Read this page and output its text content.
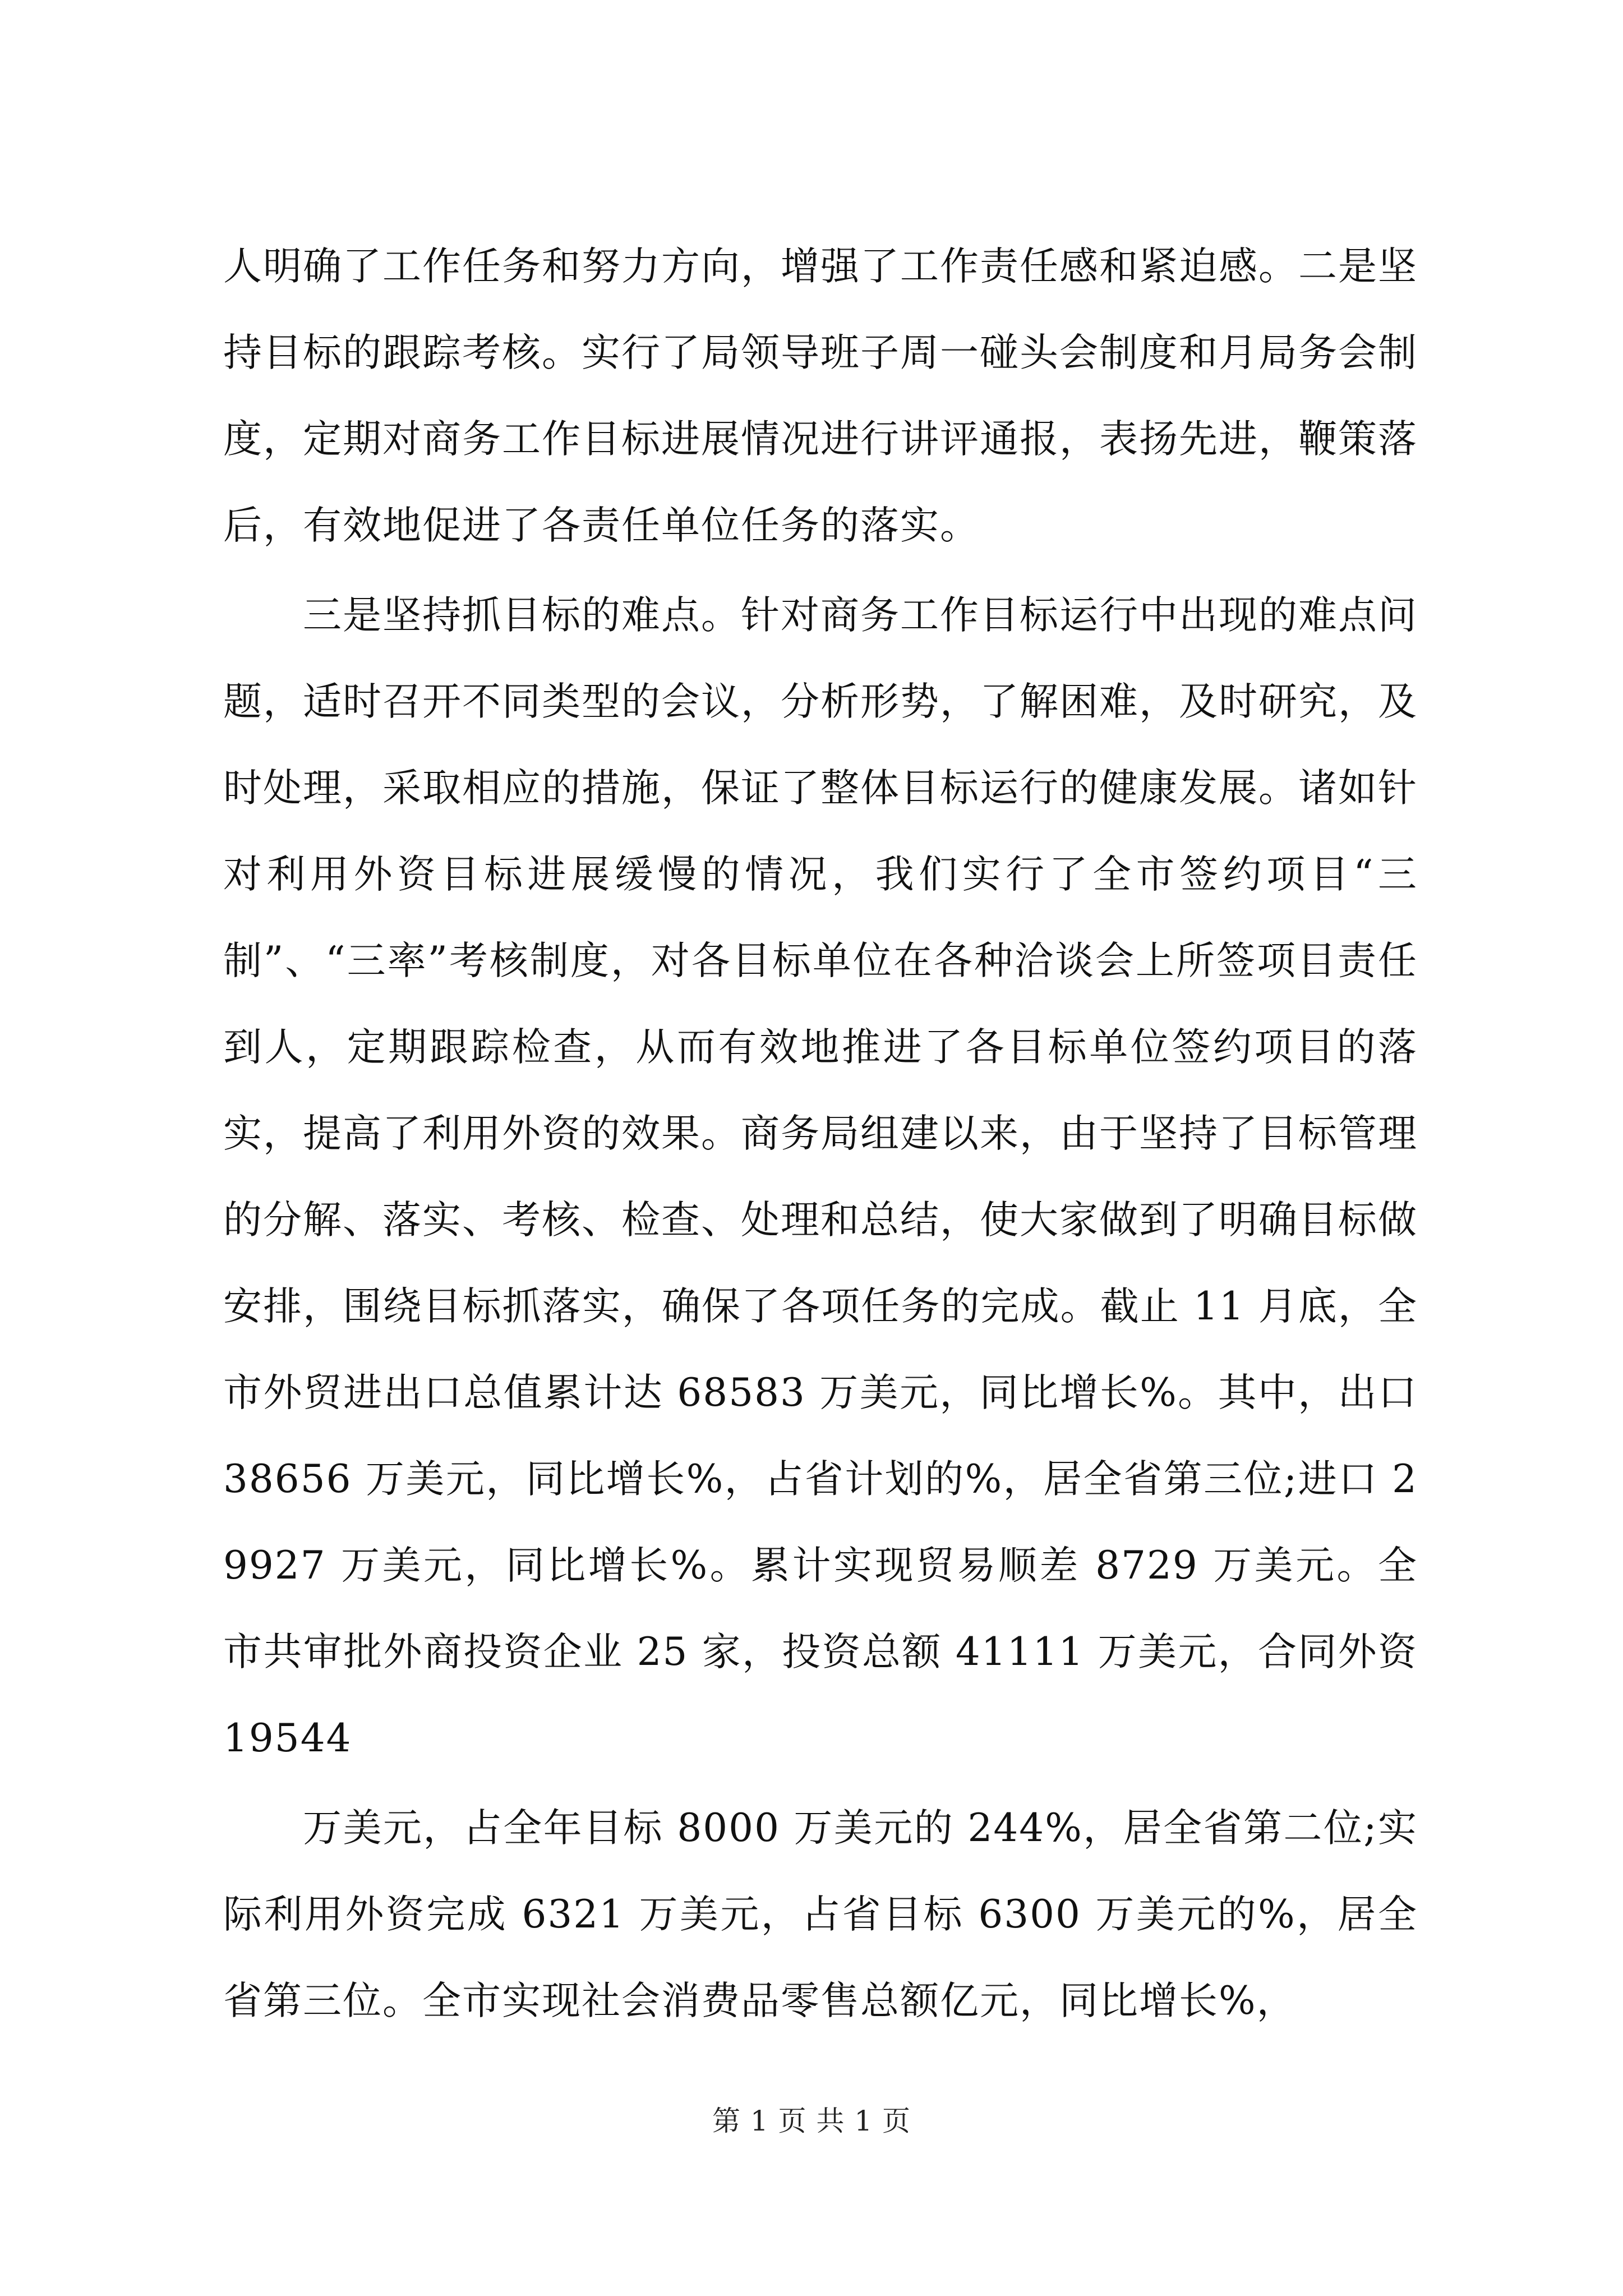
人明确了工作任务和努力方向，增强了工作责任感和紧迫感。二是坚持目标的跟踪考核。实行了局领导班子周一碰头会制度和月局务会制度，定期对商务工作目标进展情况进行讲评通报，表扬先进，鞭策落后，有效地促进了各责任单位任务的落实。

三是坚持抓目标的难点。针对商务工作目标运行中出现的难点问题，适时召开不同类型的会议，分析形势，了解困难，及时研究，及时处理，采取相应的措施，保证了整体目标运行的健康发展。诸如针对利用外资目标进展缓慢的情况，我们实行了全市签约项目“三制”、“三率”考核制度，对各目标单位在各种洽谈会上所签项目责任到人，定期跟踪检查，从而有效地推进了各目标单位签约项目的落实，提高了利用外资的效果。商务局组建以来，由于坚持了目标管理的分解、落实、考核、检查、处理和总结，使大家做到了明确目标做安排，围绕目标抓落实，确保了各项任务的完成。截止 11 月底，全市外贸进出口总值累计达 68583 万美元，同比增长%。其中，出口 38656 万美元，同比增长%，占省计划的%，居全省第三位;进口 29927 万美元，同比增长%。累计实现贸易顺差 8729 万美元。全市共审批外商投资企业 25 家，投资总额 41111 万美元，合同外资 19544

万美元，占全年目标 8000 万美元的 244%，居全省第二位;实际利用外资完成 6321 万美元，占省目标 6300 万美元的%，居全省第三位。全市实现社会消费品零售总额亿元，同比增长%，

第 1 页 共 1 页
